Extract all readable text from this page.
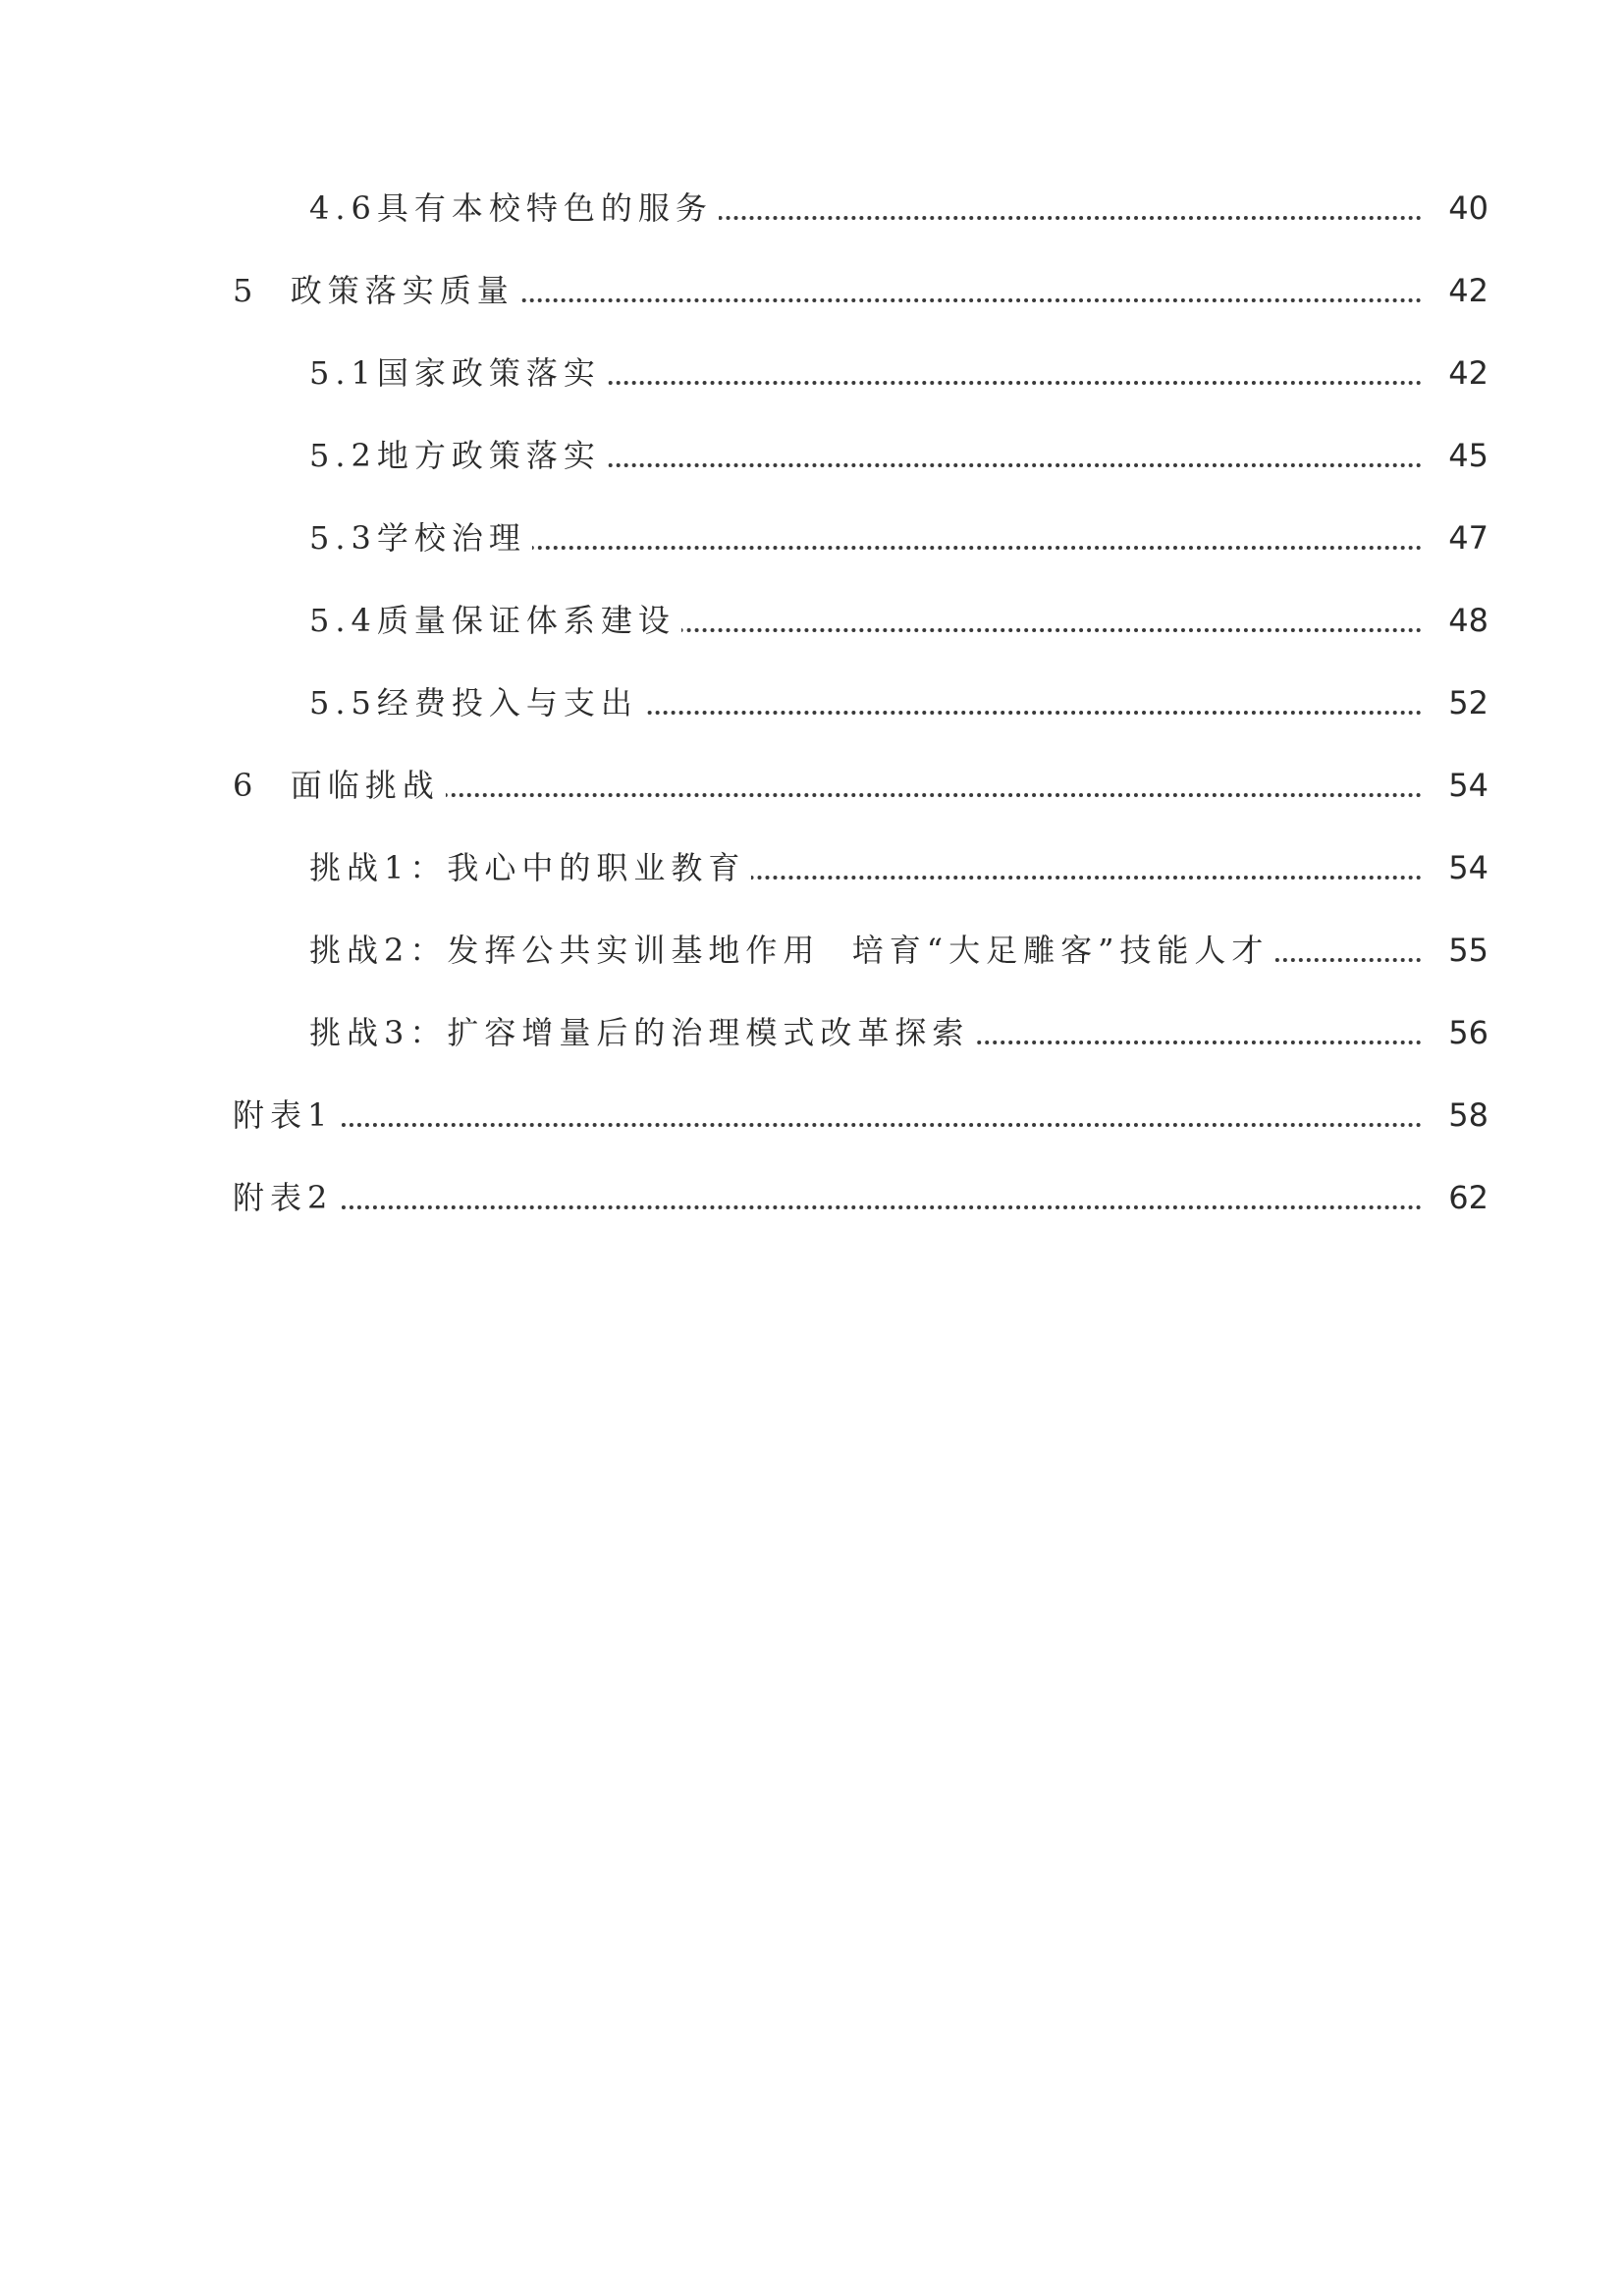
4.6具有本校特色的服务	40
5  政策落实质量	42
5.1国家政策落实	42
5.2地方政策落实	45
5.3学校治理	47
5.4质量保证体系建设	48
5.5经费投入与支出	52
6  面临挑战	54
挑战1：我心中的职业教育	54
挑战2：发挥公共实训基地作用  培育“大足雕客”技能人才	55
挑战3：扩容增量后的治理模式改革探索	56
附表1	58
附表2	62
